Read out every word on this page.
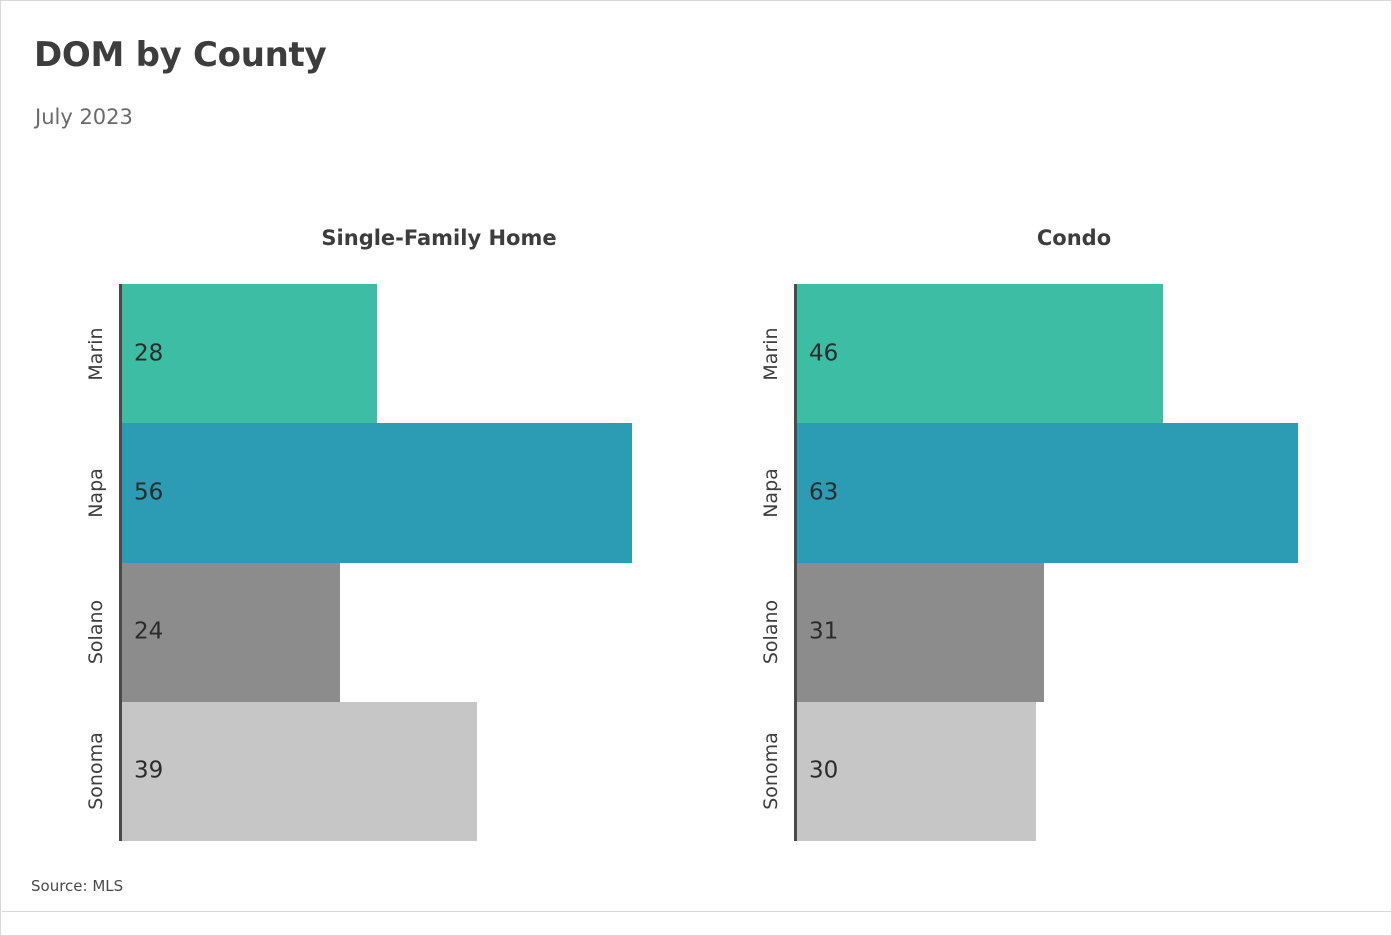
DOM by County
July 2023
Single-Family Home
28
Marin
56
Napa
24
Solano
39
Sonoma
Condo
46
Marin
63
Napa
31
Solano
30
Sonoma
Source: MLS
